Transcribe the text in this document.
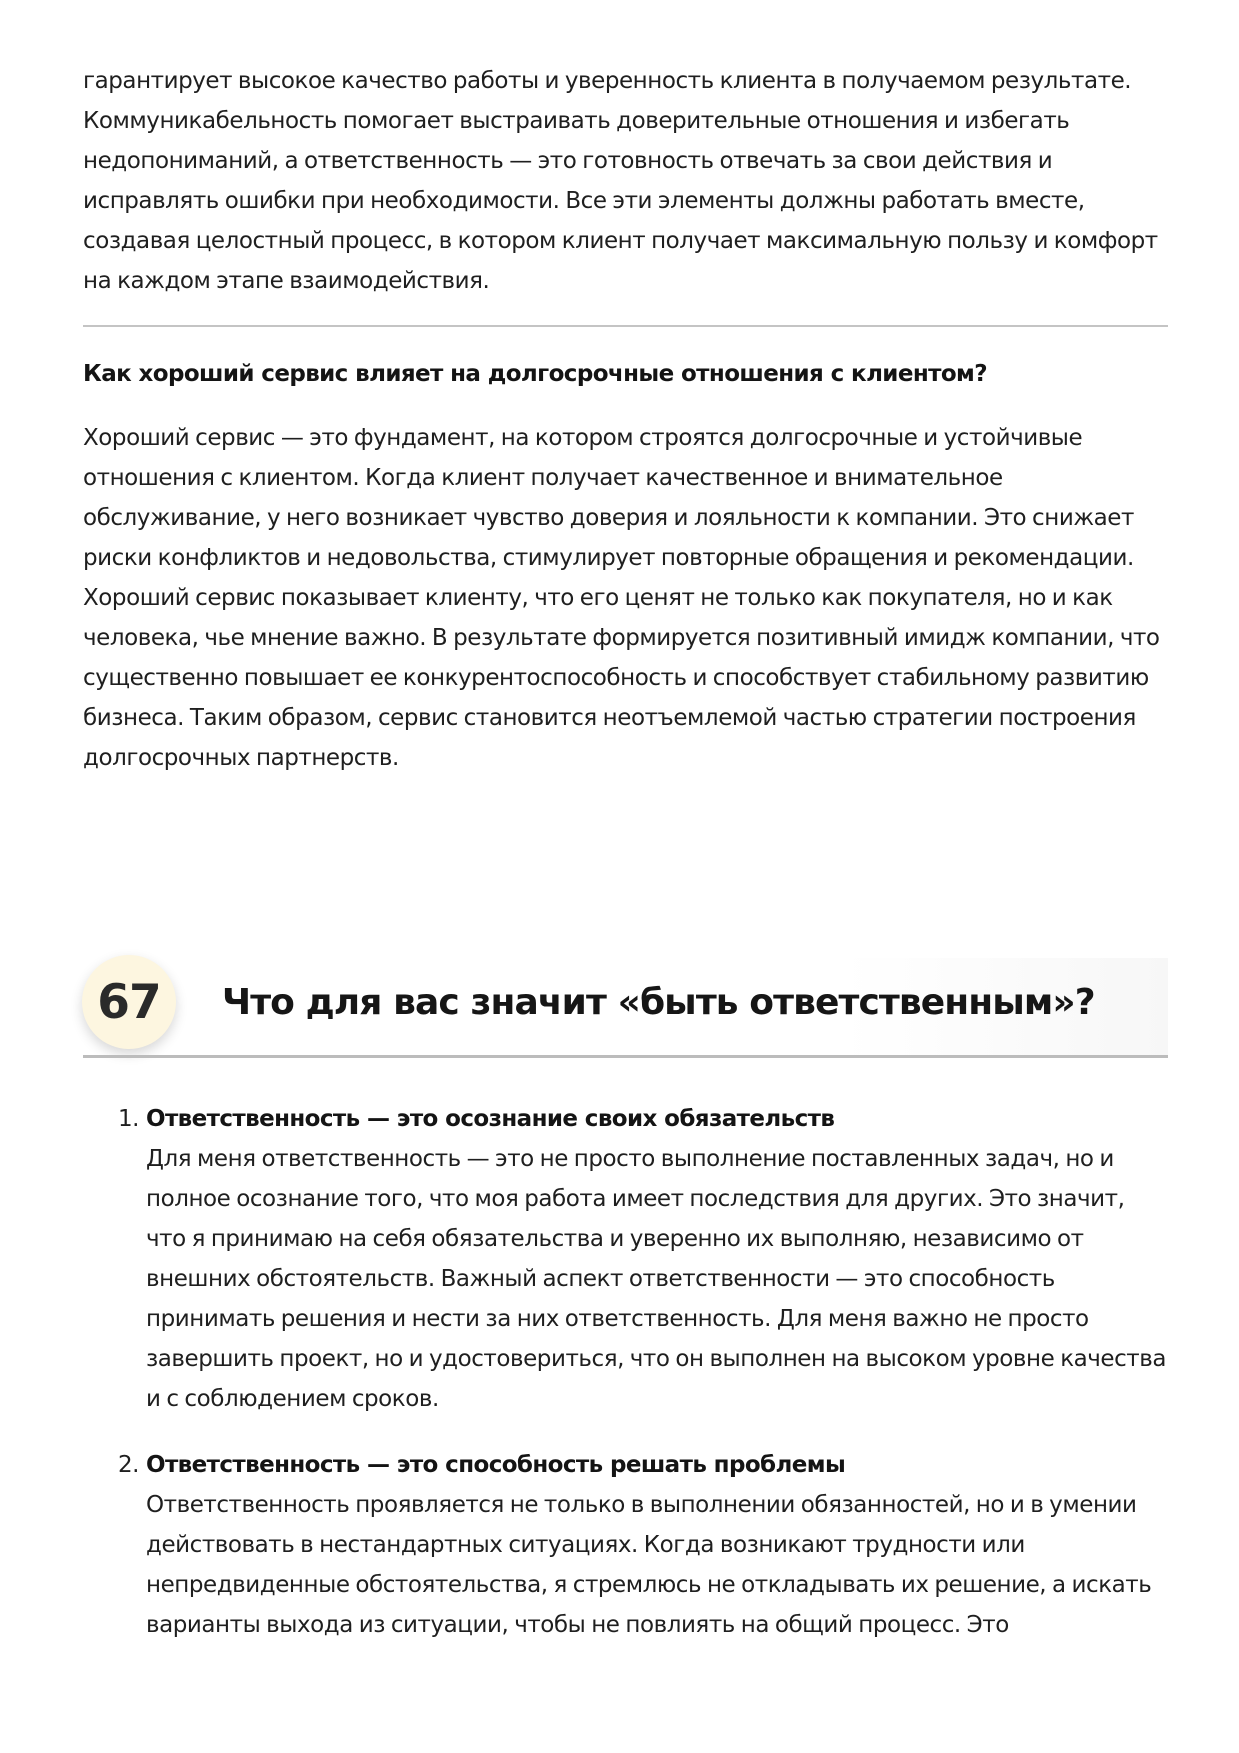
гарантирует высокое качество работы и уверенность клиента в получаемом результате. Коммуникабельность помогает выстраивать доверительные отношения и избегать недопониманий, а ответственность — это готовность отвечать за свои действия и исправлять ошибки при необходимости. Все эти элементы должны работать вместе, создавая целостный процесс, в котором клиент получает максимальную пользу и комфорт на каждом этапе взаимодействия.

Как хороший сервис влияет на долгосрочные отношения с клиентом?

Хороший сервис — это фундамент, на котором строятся долгосрочные и устойчивые отношения с клиентом. Когда клиент получает качественное и внимательное обслуживание, у него возникает чувство доверия и лояльности к компании. Это снижает риски конфликтов и недовольства, стимулирует повторные обращения и рекомендации. Хороший сервис показывает клиенту, что его ценят не только как покупателя, но и как человека, чье мнение важно. В результате формируется позитивный имидж компании, что существенно повышает ее конкурентоспособность и способствует стабильному развитию бизнеса. Таким образом, сервис становится неотъемлемой частью стратегии построения долгосрочных партнерств.

67	Что для вас значит «быть ответственным»?
1. Ответственность — это осознание своих обязательств

Для меня ответственность — это не просто выполнение поставленных задач, но и полное осознание того, что моя работа имеет последствия для других. Это значит, что я принимаю на себя обязательства и уверенно их выполняю, независимо от внешних обстоятельств. Важный аспект ответственности — это способность принимать решения и нести за них ответственность. Для меня важно не просто завершить проект, но и удостовериться, что он выполнен на высоком уровне качества и с соблюдением сроков.

2. Ответственность — это способность решать проблемы

Ответственность проявляется не только в выполнении обязанностей, но и в умении действовать в нестандартных ситуациях. Когда возникают трудности или непредвиденные обстоятельства, я стремлюсь не откладывать их решение, а искать варианты выхода из ситуации, чтобы не повлиять на общий процесс. Это
